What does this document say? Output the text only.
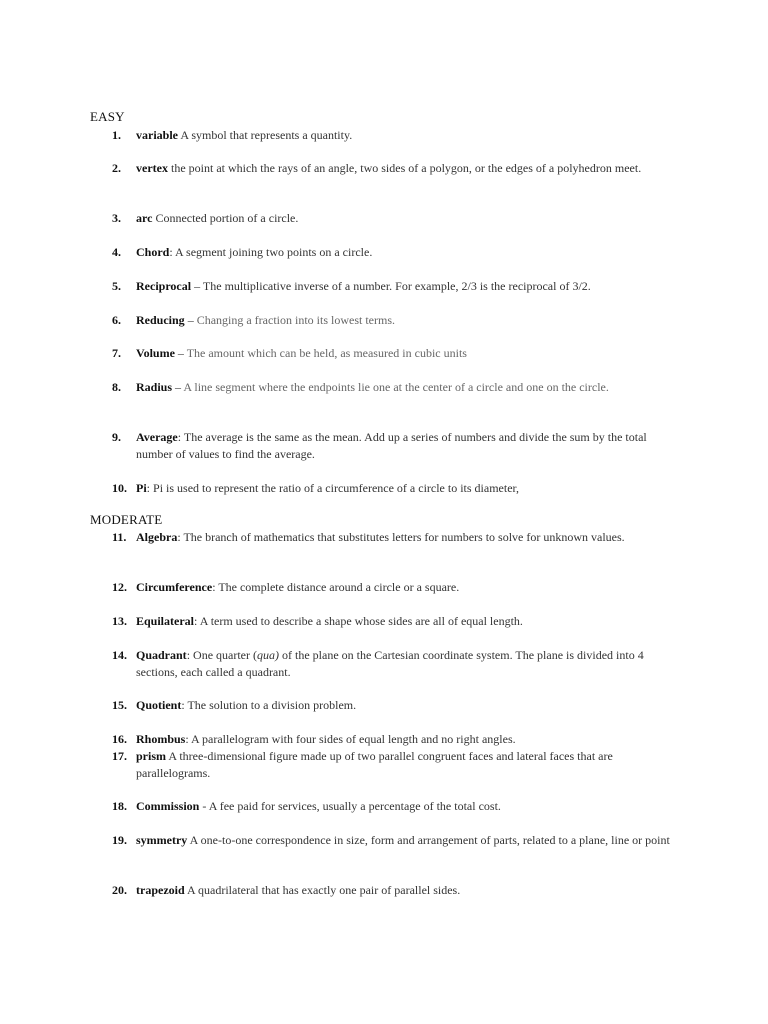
EASY
1.	variable A symbol that represents a quantity.
2.	vertex the point at which the rays of an angle, two sides of a polygon, or the edges of a polyhedron meet.
3.	arc Connected portion of a circle.
4.	Chord: A segment joining two points on a circle.
5.	Reciprocal – The multiplicative inverse of a number. For example, 2/3 is the reciprocal of 3/2.
6.	Reducing – Changing a fraction into its lowest terms.
7.	Volume – The amount which can be held, as measured in cubic units
8.	Radius – A line segment where the endpoints lie one at the center of a circle and one on the circle.
9.	Average: The average is the same as the mean. Add up a series of numbers and divide the sum by the total number of values to find the average.
10. Pi: Pi is used to represent the ratio of a circumference of a circle to its diameter,
MODERATE
11. Algebra: The branch of mathematics that substitutes letters for numbers to solve for unknown values.
12. Circumference: The complete distance around a circle or a square.
13. Equilateral: A term used to describe a shape whose sides are all of equal length.
14. Quadrant: One quarter (qua) of the plane on the Cartesian coordinate system. The plane is divided into 4 sections, each called a quadrant.
15. Quotient: The solution to a division problem.
16. Rhombus: A parallelogram with four sides of equal length and no right angles.
17. prism A three-dimensional figure made up of two parallel congruent faces and lateral faces that are parallelograms.
18. Commission - A fee paid for services, usually a percentage of the total cost.
19. symmetry A one-to-one correspondence in size, form and arrangement of parts, related to a plane, line or point
20. trapezoid A quadrilateral that has exactly one pair of parallel sides.
